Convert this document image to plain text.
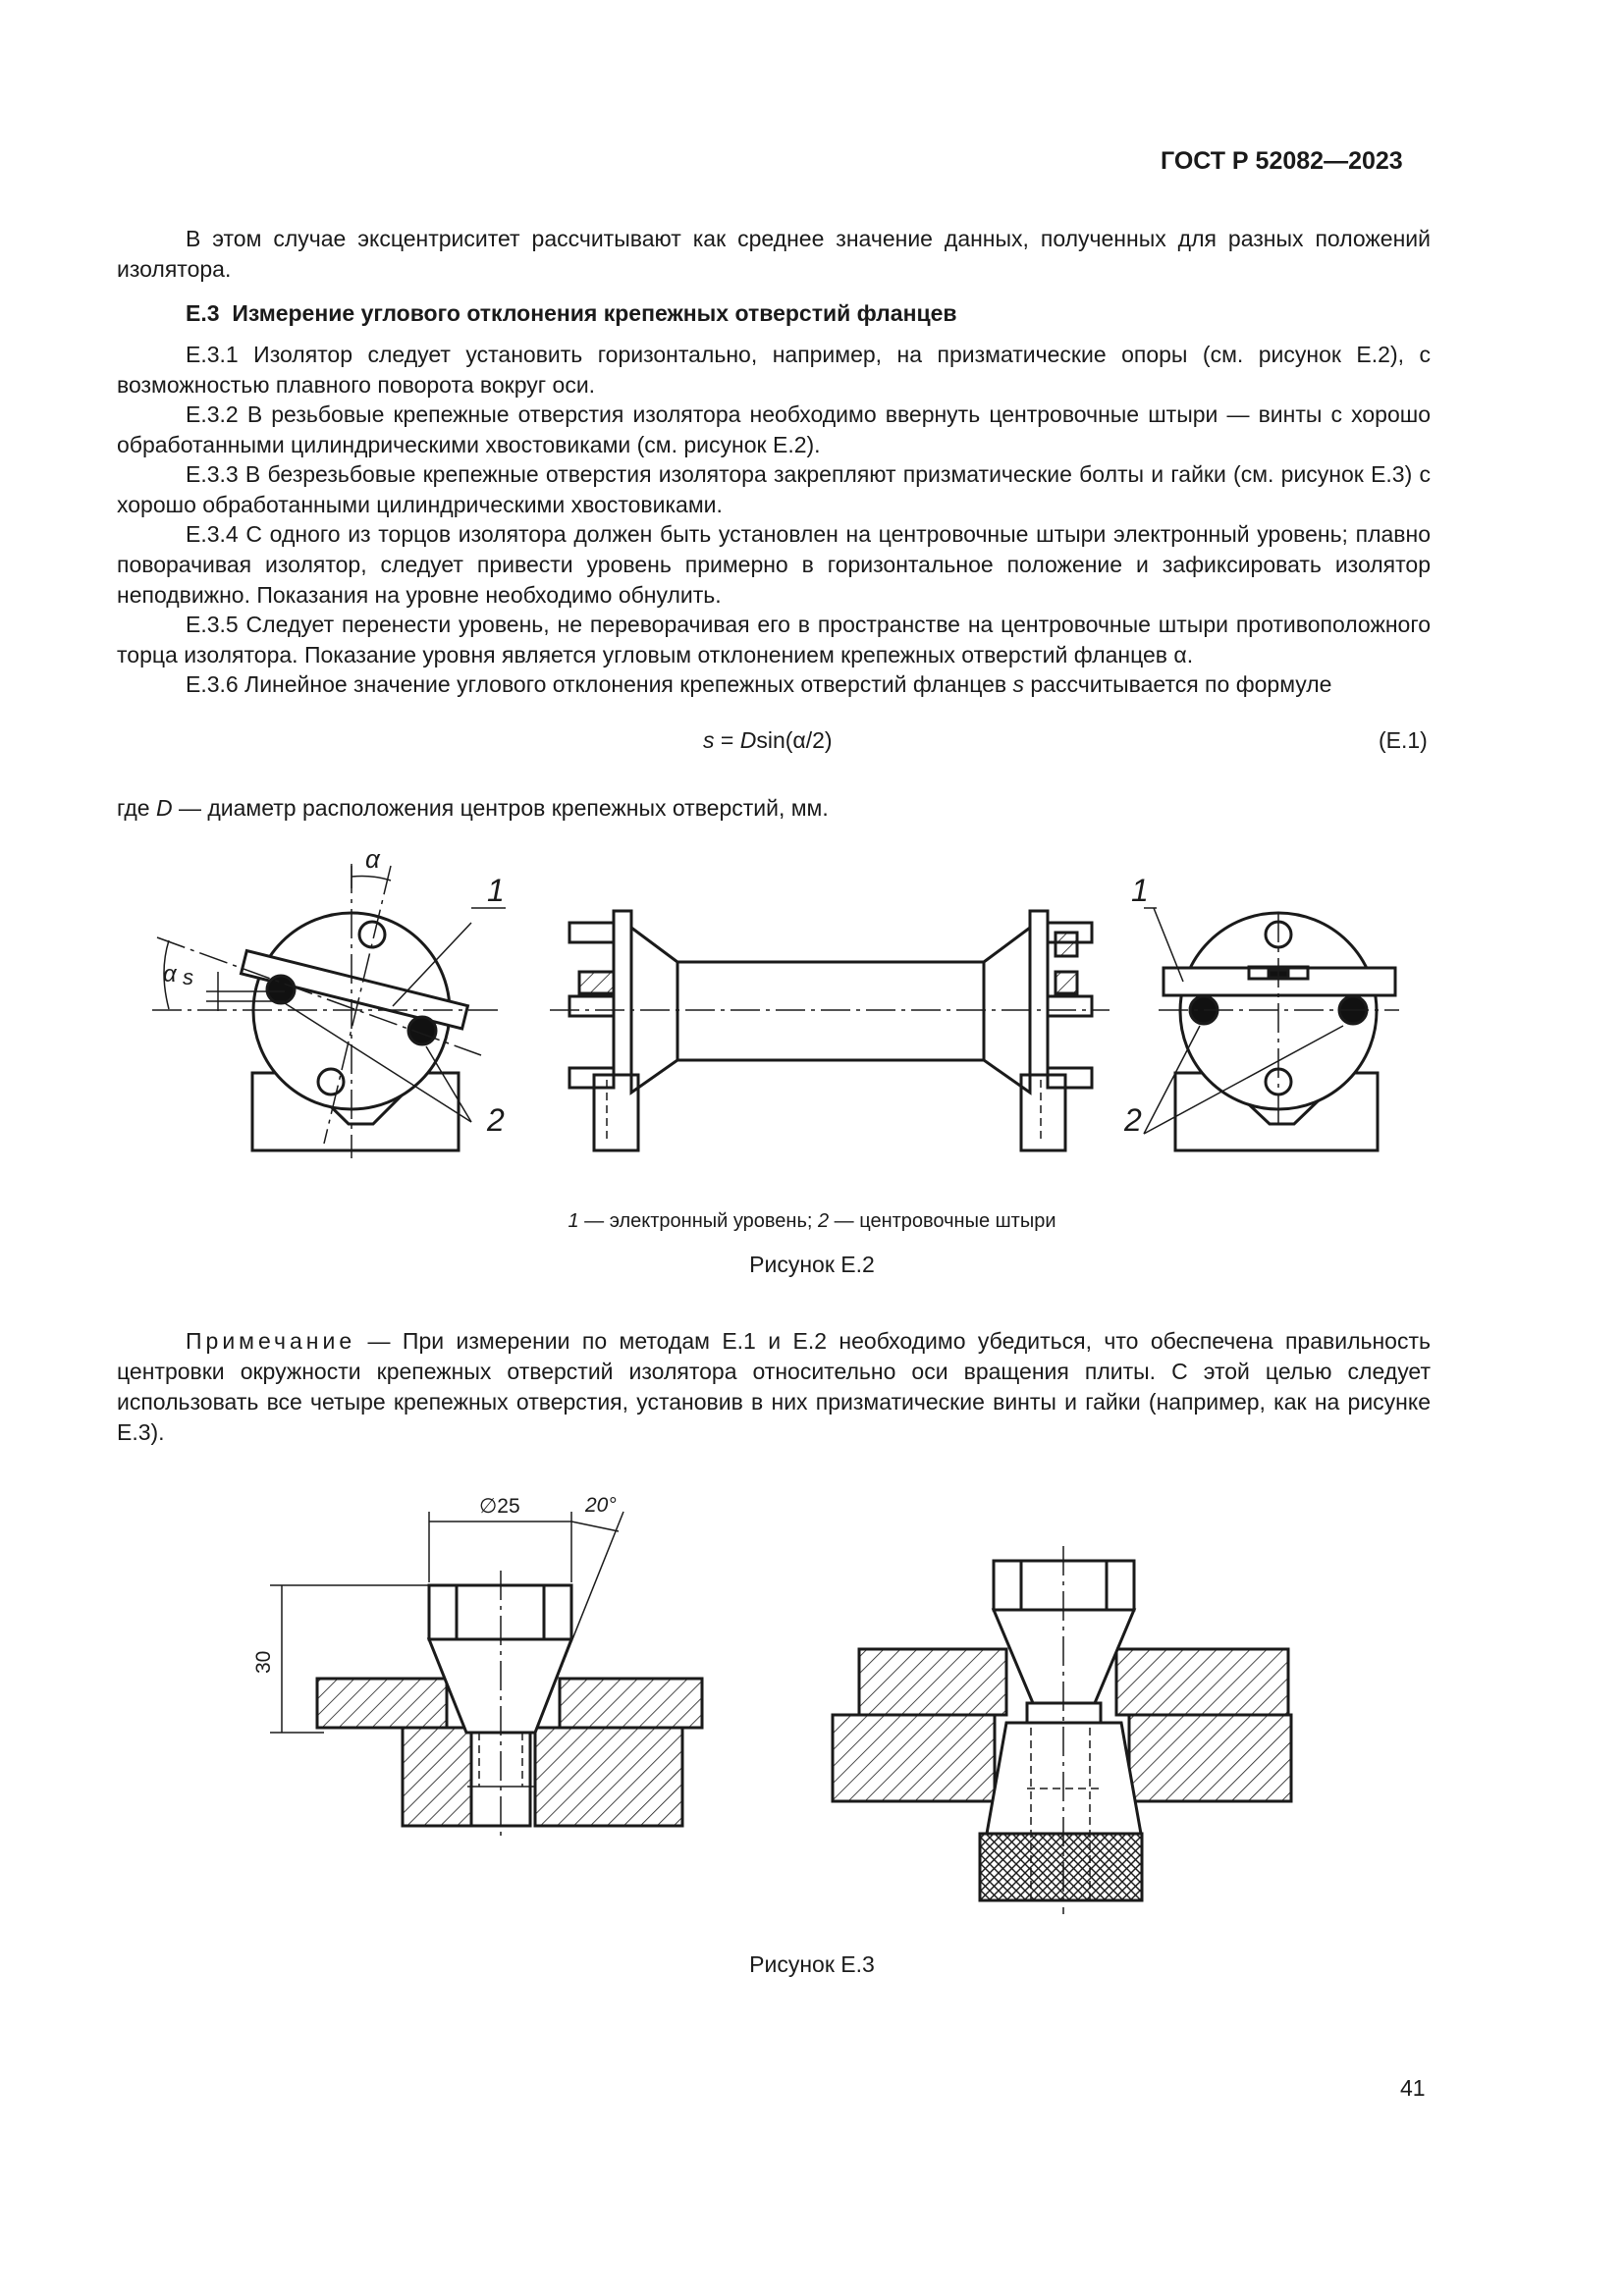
ГОСТ Р 52082—2023
В этом случае эксцентриситет рассчитывают как среднее значение данных, полученных для разных положений изолятора.
Е.3 Измерение углового отклонения крепежных отверстий фланцев
Е.3.1 Изолятор следует установить горизонтально, например, на призматические опоры (см. рисунок Е.2), с возможностью плавного поворота вокруг оси.
Е.3.2 В резьбовые крепежные отверстия изолятора необходимо ввернуть центровочные штыри — винты с хорошо обработанными цилиндрическими хвостовиками (см. рисунок Е.2).
Е.3.3 В безрезьбовые крепежные отверстия изолятора закрепляют призматические болты и гайки (см. рисунок Е.3) с хорошо обработанными цилиндрическими хвостовиками.
Е.3.4 С одного из торцов изолятора должен быть установлен на центровочные штыри электронный уровень; плавно поворачивая изолятор, следует привести уровень примерно в горизонтальное положение и зафиксировать изолятор неподвижно. Показания на уровне необходимо обнулить.
Е.3.5 Следует перенести уровень, не переворачивая его в пространстве на центровочные штыри противоположного торца изолятора. Показание уровня является угловым отклонением крепежных отверстий фланцев α.
Е.3.6 Линейное значение углового отклонения крепежных отверстий фланцев s рассчитывается по формуле
s = Dsin(α/2)	(Е.1)
где D — диаметр расположения центров крепежных отверстий, мм.
α
α s
1
2
1
2
1 — электронный уровень; 2 — центровочные штыри
Рисунок Е.2
Примечание — При измерении по методам Е.1 и Е.2 необходимо убедиться, что обеспечена правильность центровки окружности крепежных отверстий изолятора относительно оси вращения плиты. С этой целью следует использовать все четыре крепежных отверстия, установив в них призматические винты и гайки (например, как на рисунке Е.3).
∅25	20°
30
Рисунок Е.3
41
